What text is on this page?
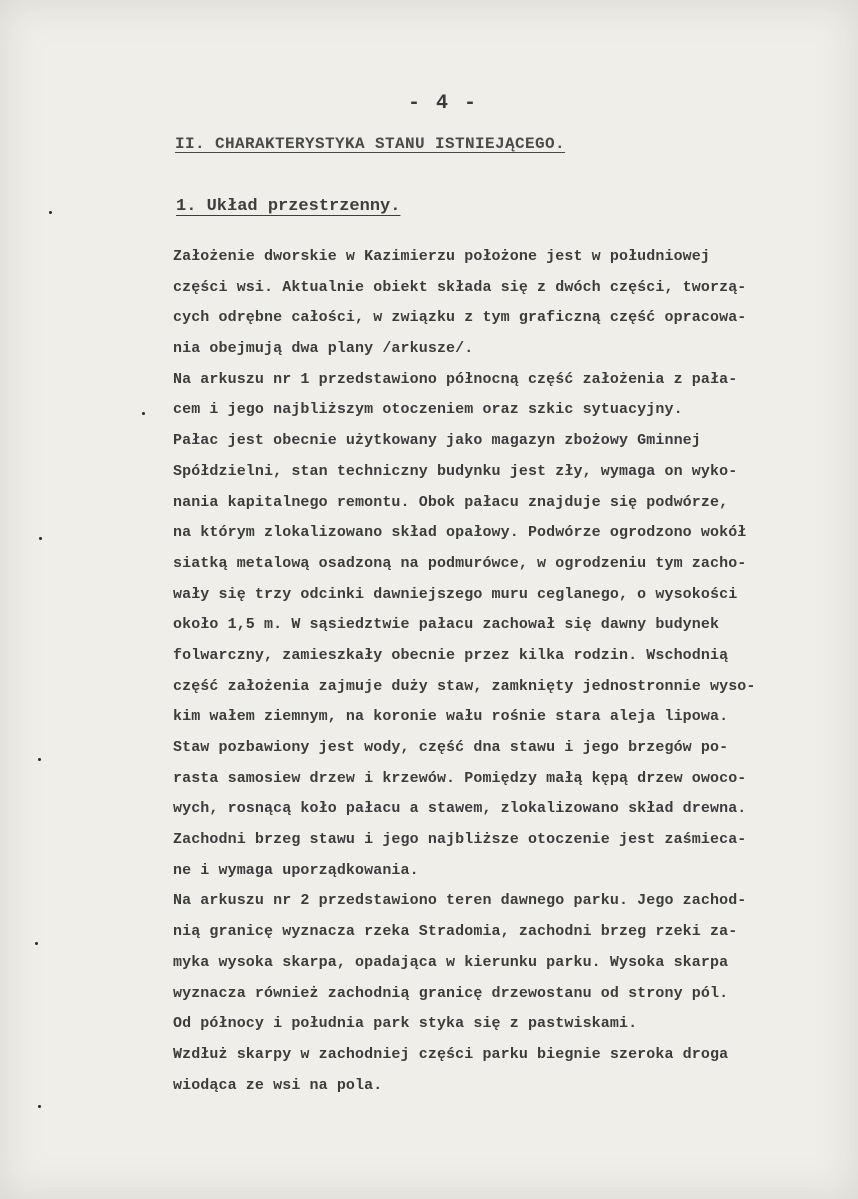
- 4 -
II. CHARAKTERYSTYKA STANU ISTNIEJĄCEGO.
1. Układ przestrzenny.
Założenie dworskie w Kazimierzu położone jest w południowej
części wsi. Aktualnie obiekt składa się z dwóch części, tworzą-
cych odrębne całości, w związku z tym graficzną część opracowa-
nia obejmują dwa plany /arkusze/.
Na arkuszu nr 1 przedstawiono północną część założenia z pała-
cem i jego najbliższym otoczeniem oraz szkic sytuacyjny.
Pałac jest obecnie użytkowany jako magazyn zbożowy Gminnej
Spółdzielni, stan techniczny budynku jest zły, wymaga on wyko-
nania kapitalnego remontu. Obok pałacu znajduje się podwórze,
na którym zlokalizowano skład opałowy. Podwórze ogrodzono wokół
siatką metalową osadzoną na podmurówce, w ogrodzeniu tym zacho-
wały się trzy odcinki dawniejszego muru ceglanego, o wysokości
około 1,5 m. W sąsiedztwie pałacu zachował się dawny budynek
folwarczny, zamieszkały obecnie przez kilka rodzin. Wschodnią
część założenia zajmuje duży staw, zamknięty jednostronnie wyso-
kim wałem ziemnym, na koronie wału rośnie stara aleja lipowa.
Staw pozbawiony jest wody, część dna stawu i jego brzegów po-
rasta samosiew drzew i krzewów. Pomiędzy małą kępą drzew owoco-
wych, rosnącą koło pałacu a stawem, zlokalizowano skład drewna.
Zachodni brzeg stawu i jego najbliższe otoczenie jest zaśmieca-
ne i wymaga uporządkowania.
Na arkuszu nr 2 przedstawiono teren dawnego parku. Jego zachod-
nią granicę wyznacza rzeka Stradomia, zachodni brzeg rzeki za-
myka wysoka skarpa, opadająca w kierunku parku. Wysoka skarpa
wyznacza również zachodnią granicę drzewostanu od strony pól.
Od północy i południa park styka się z pastwiskami.
Wzdłuż skarpy w zachodniej części parku biegnie szeroka droga
wiodąca ze wsi na pola.
